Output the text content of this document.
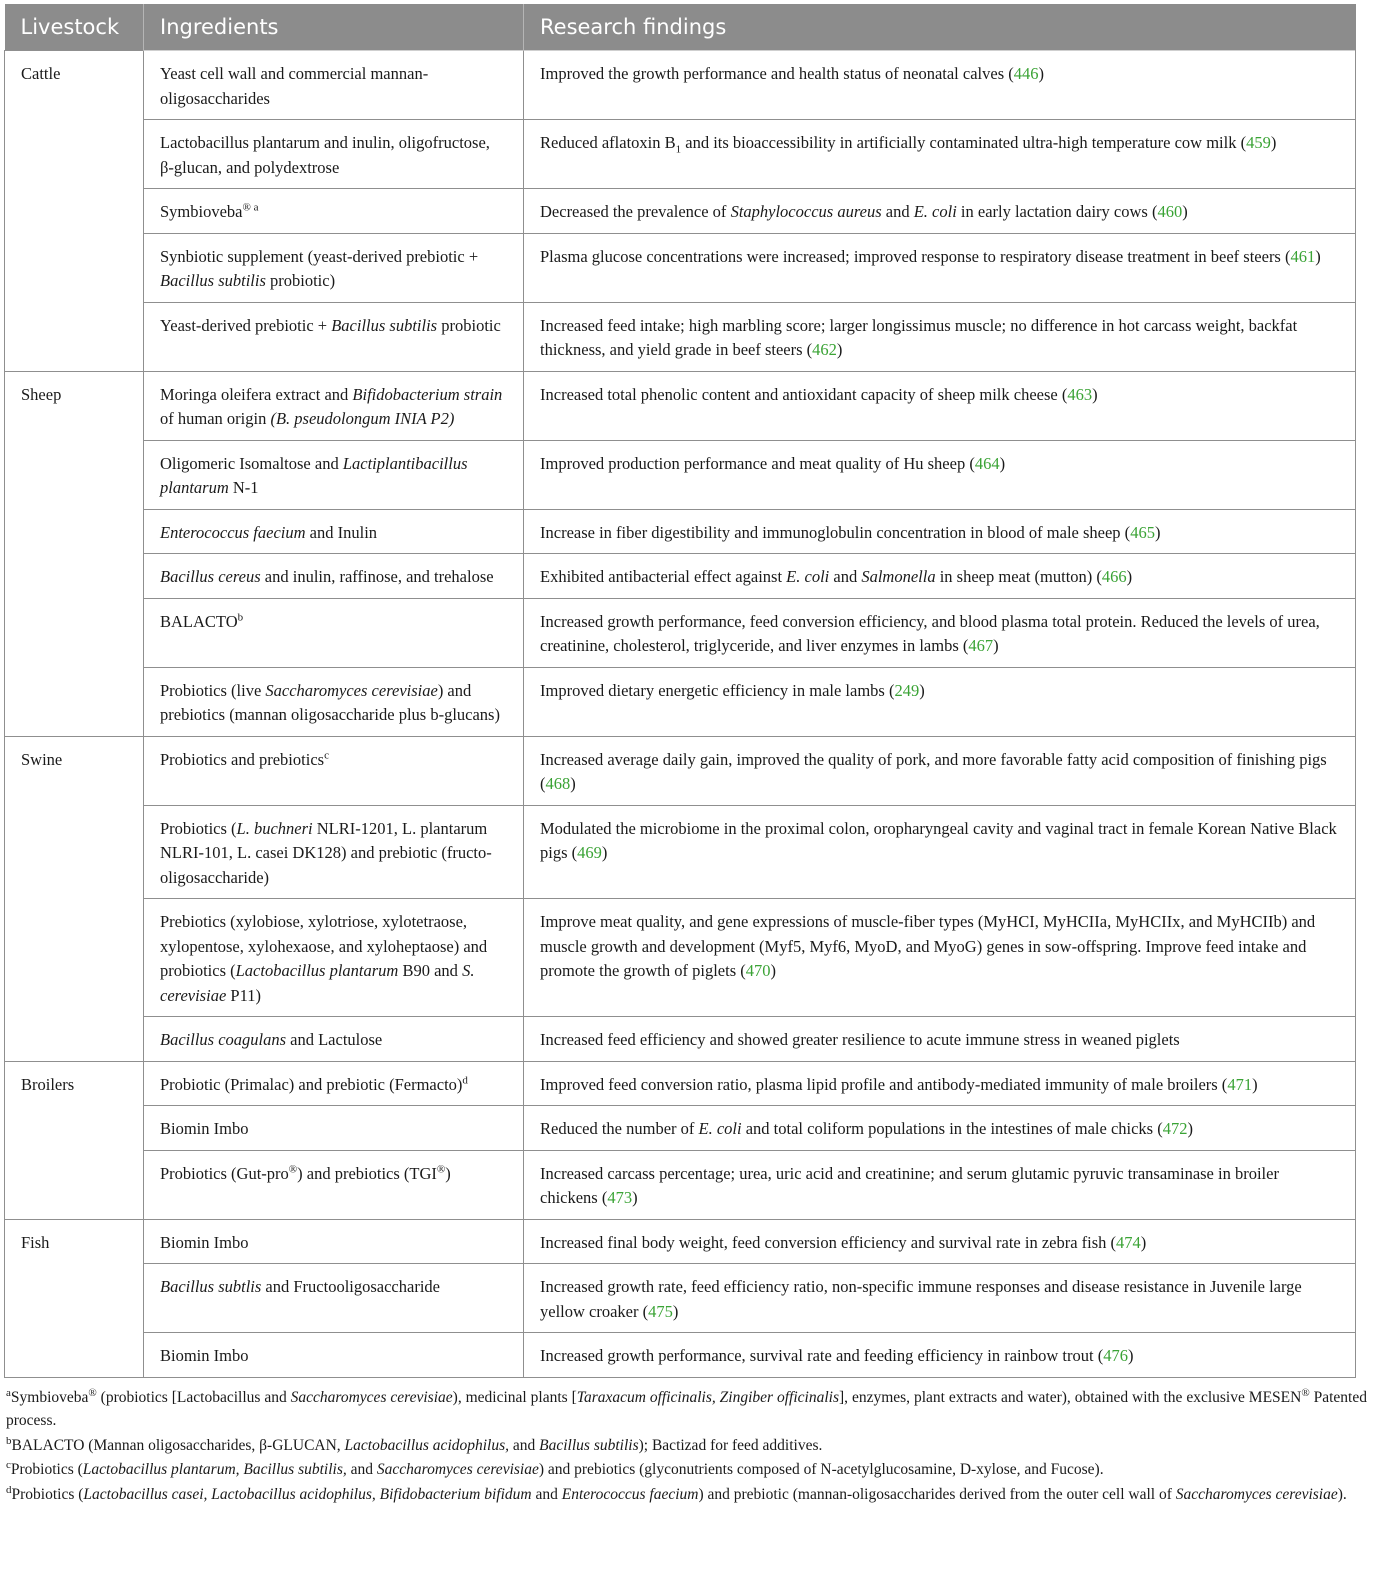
Livestock	Ingredients	Research findings
Cattle	Yeast cell wall and commercial mannan-oligosaccharides	Improved the growth performance and health status of neonatal calves (446)
	Lactobacillus plantarum and inulin, oligofructose, β-glucan, and polydextrose	Reduced aflatoxin $B_1$ and its bioaccessibility in artificially contaminated ultra-high temperature cow milk (459)
	Symbioveba$^{® a}$	Decreased the prevalence of Staphylococcus aureus and E. coli in early lactation dairy cows (460)
	Synbiotic supplement (yeast-derived prebiotic + Bacillus subtilis probiotic)	Plasma glucose concentrations were increased; improved response to respiratory disease treatment in beef steers (461)
	Yeast-derived prebiotic + Bacillus subtilis probiotic	Increased feed intake; high marbling score; larger longissimus muscle; no difference in hot carcass weight, backfat thickness, and yield grade in beef steers (462)
Sheep	Moringa oleifera extract and Bifidobacterium strain of human origin (B. pseudolongum INIA P2)	Increased total phenolic content and antioxidant capacity of sheep milk cheese (463)
	Oligomeric Isomaltose and Lactiplantibacillus plantarum N-1	Improved production performance and meat quality of Hu sheep (464)
	Enterococcus faecium and Inulin	Increase in fiber digestibility and immunoglobulin concentration in blood of male sheep (465)
	Bacillus cereus and inulin, raffinose, and trehalose	Exhibited antibacterial effect against E. coli and Salmonella in sheep meat (mutton) (466)
	BALACTO$^b$	Increased growth performance, feed conversion efficiency, and blood plasma total protein. Reduced the levels of urea, creatinine, cholesterol, triglyceride, and liver enzymes in lambs (467)
	Probiotics (live Saccharomyces cerevisiae) and prebiotics (mannan oligosaccharide plus b-glucans)	Improved dietary energetic efficiency in male lambs (249)
Swine	Probiotics and prebiotics$^c$	Increased average daily gain, improved the quality of pork, and more favorable fatty acid composition of finishing pigs (468)
	Probiotics (L. buchneri NLRI-1201, L. plantarum NLRI-101, L. casei DK128) and prebiotic (fructo-oligosaccharide)	Modulated the microbiome in the proximal colon, oropharyngeal cavity and vaginal tract in female Korean Native Black pigs (469)
	Prebiotics (xylobiose, xylotriose, xylotetraose, xylopentose, xylohexaose, and xyloheptaose) and probiotics (Lactobacillus plantarum B90 and S. cerevisiae P11)	Improve meat quality, and gene expressions of muscle-fiber types (MyHCI, MyHCIIa, MyHCIIx, and MyHCIIb) and muscle growth and development (Myf5, Myf6, MyoD, and MyoG) genes in sow-offspring. Improve feed intake and promote the growth of piglets (470)
	Bacillus coagulans and Lactulose	Increased feed efficiency and showed greater resilience to acute immune stress in weaned piglets
Broilers	Probiotic (Primalac) and prebiotic (Fermacto)$^d$	Improved feed conversion ratio, plasma lipid profile and antibody-mediated immunity of male broilers (471)
	Biomin Imbo	Reduced the number of E. coli and total coliform populations in the intestines of male chicks (472)
	Probiotics (Gut-pro®) and prebiotics (TGI®)	Increased carcass percentage; urea, uric acid and creatinine; and serum glutamic pyruvic transaminase in broiler chickens (473)
Fish	Biomin Imbo	Increased final body weight, feed conversion efficiency and survival rate in zebra fish (474)
	Bacillus subtlis and Fructooligosaccharide	Increased growth rate, feed efficiency ratio, non-specific immune responses and disease resistance in Juvenile large yellow croaker (475)
	Biomin Imbo	Increased growth performance, survival rate and feeding efficiency in rainbow trout (476)

$^a$Symbioveba® (probiotics [Lactobacillus and Saccharomyces cerevisiae), medicinal plants [Taraxacum officinalis, Zingiber officinalis], enzymes, plant extracts and water), obtained with the exclusive MESEN® Patented process.

$^b$BALACTO (Mannan oligosaccharides, β-GLUCAN, Lactobacillus acidophilus, and Bacillus subtilis); Bactizad for feed additives.

$^c$Probiotics (Lactobacillus plantarum, Bacillus subtilis, and Saccharomyces cerevisiae) and prebiotics (glyconutrients composed of N-acetylglucosamine, D-xylose, and Fucose).

$^d$Probiotics (Lactobacillus casei, Lactobacillus acidophilus, Bifidobacterium bifidum and Enterococcus faecium) and prebiotic (mannan-oligosaccharides derived from the outer cell wall of Saccharomyces cerevisiae).
